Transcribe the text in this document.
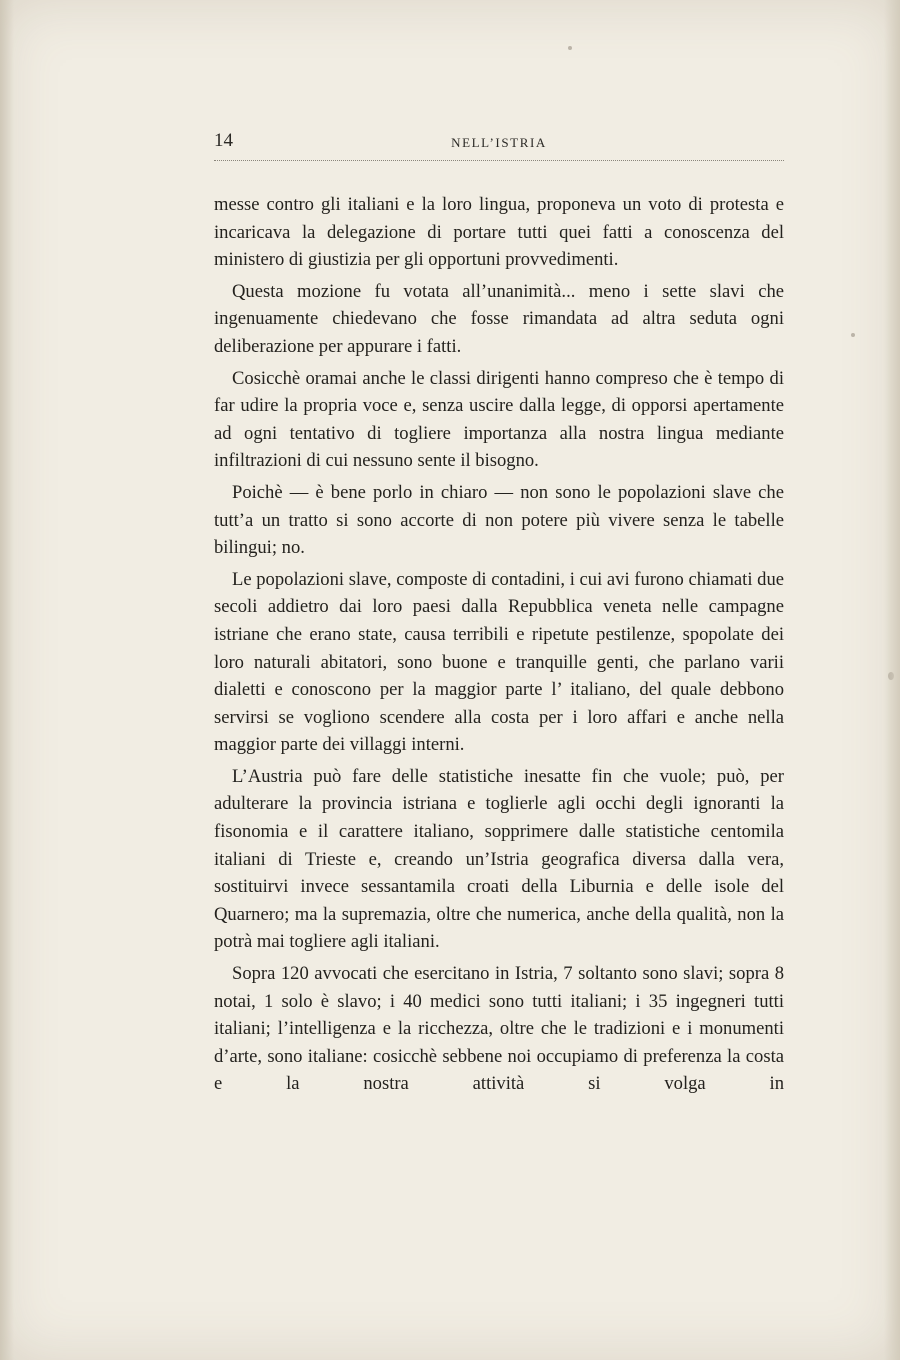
14	NELL’ISTRIA

messe contro gli italiani e la loro lingua, proponeva un voto di protesta e incaricava la delegazione di portare tutti quei fatti a conoscenza del ministero di giustizia per gli opportuni provvedimenti.

Questa mozione fu votata all’unanimità... meno i sette slavi che ingenuamente chiedevano che fosse rimandata ad altra seduta ogni deliberazione per appurare i fatti.

Cosicchè oramai anche le classi dirigenti hanno compreso che è tempo di far udire la propria voce e, senza uscire dalla legge, di opporsi apertamente ad ogni tentativo di togliere importanza alla nostra lingua mediante infiltrazioni di cui nessuno sente il bisogno.

Poichè — è bene porlo in chiaro — non sono le popolazioni slave che tutt’a un tratto si sono accorte di non potere più vivere senza le tabelle bilingui; no.

Le popolazioni slave, composte di contadini, i cui avi furono chiamati due secoli addietro dai loro paesi dalla Repubblica veneta nelle campagne istriane che erano state, causa terribili e ripetute pestilenze, spopolate dei loro naturali abitatori, sono buone e tranquille genti, che parlano varii dialetti e conoscono per la maggior parte l’ italiano, del quale debbono servirsi se vogliono scendere alla costa per i loro affari e anche nella maggior parte dei villaggi interni.

L’Austria può fare delle statistiche inesatte fin che vuole; può, per adulterare la provincia istriana e toglierle agli occhi degli ignoranti la fisonomia e il carattere italiano, sopprimere dalle statistiche centomila italiani di Trieste e, creando un’Istria geografica diversa dalla vera, sostituirvi invece sessantamila croati della Liburnia e delle isole del Quarnero; ma la supremazia, oltre che numerica, anche della qualità, non la potrà mai togliere agli italiani.

Sopra 120 avvocati che esercitano in Istria, 7 soltanto sono slavi; sopra 8 notai, 1 solo è slavo; i 40 medici sono tutti italiani; i 35 ingegneri tutti italiani; l’intelligenza e la ricchezza, oltre che le tradizioni e i monumenti d’arte, sono italiane: cosicchè sebbene noi occupiamo di preferenza la costa e la nostra attività si volga in
